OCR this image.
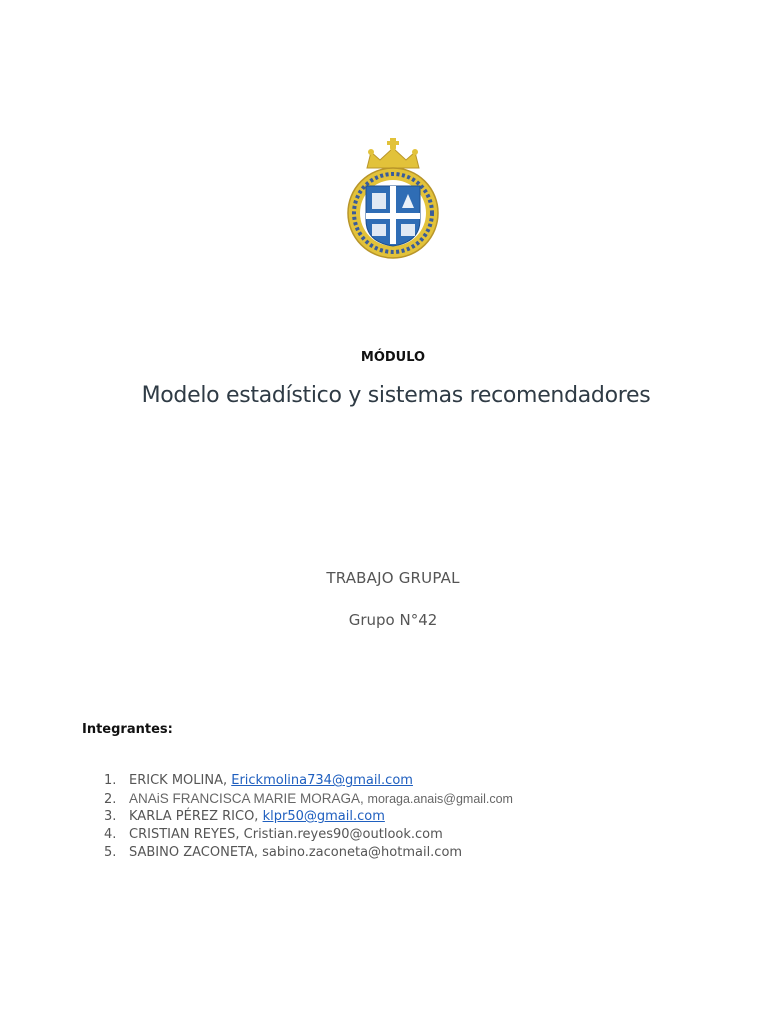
MÓDULO
Modelo estadístico y sistemas recomendadores
TRABAJO GRUPAL
Grupo N°42
Integrantes:
1. ERICK MOLINA, Erickmolina734@gmail.com
2. ANAiS FRANCISCA MARIE MORAGA, moraga.anais@gmail.com
3. KARLA PÉREZ RICO, klpr50@gmail.com
4. CRISTIAN REYES, Cristian.reyes90@outlook.com
5. SABINO ZACONETA, sabino.zaconeta@hotmail.com
